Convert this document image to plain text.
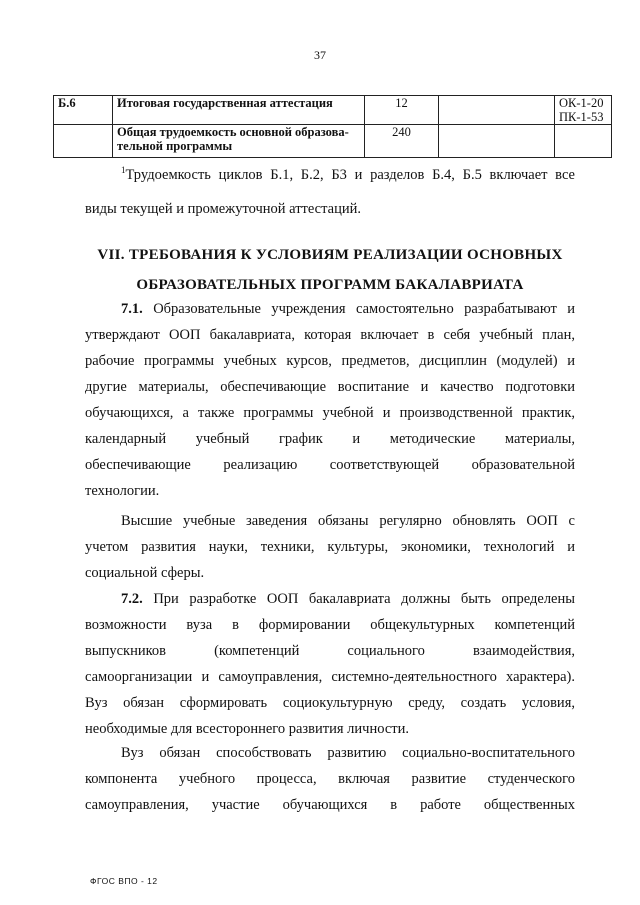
37
Б.6	Итоговая государственная аттестация	12		ОК-1-20
ПК-1-53

	Общая трудоемкость основной образова-
тельной программы	240		
$^1$Трудоемкость циклов Б.1, Б.2, Б3 и разделов Б.4, Б.5 включает все
виды текущей и промежуточной аттестаций.
VII. ТРЕБОВАНИЯ К УСЛОВИЯМ РЕАЛИЗАЦИИ ОСНОВНЫХ
ОБРАЗОВАТЕЛЬНЫХ ПРОГРАММ БАКАЛАВРИАТА
7.1. Образовательные учреждения самостоятельно разрабатывают и
утверждают ООП бакалавриата, которая включает в себя учебный план,
рабочие программы учебных курсов, предметов, дисциплин (модулей) и
другие материалы, обеспечивающие воспитание и качество подготовки
обучающихся, а также программы учебной и производственной практик,
календарный учебный график и методические материалы,
обеспечивающие реализацию соответствующей образовательной
технологии.
Высшие учебные заведения обязаны регулярно обновлять ООП с
учетом развития науки, техники, культуры, экономики, технологий и
социальной сферы.
7.2. При разработке ООП бакалавриата должны быть определены
возможности вуза в формировании общекультурных компетенций
выпускников (компетенций социального взаимодействия,
самоорганизации и самоуправления, системно-деятельностного характера).
Вуз обязан сформировать социокультурную среду, создать условия,
необходимые для всестороннего развития личности.
Вуз обязан способствовать развитию социально-воспитательного
компонента учебного процесса, включая развитие студенческого
самоуправления, участие обучающихся в работе общественных
ФГОС ВПО - 12
